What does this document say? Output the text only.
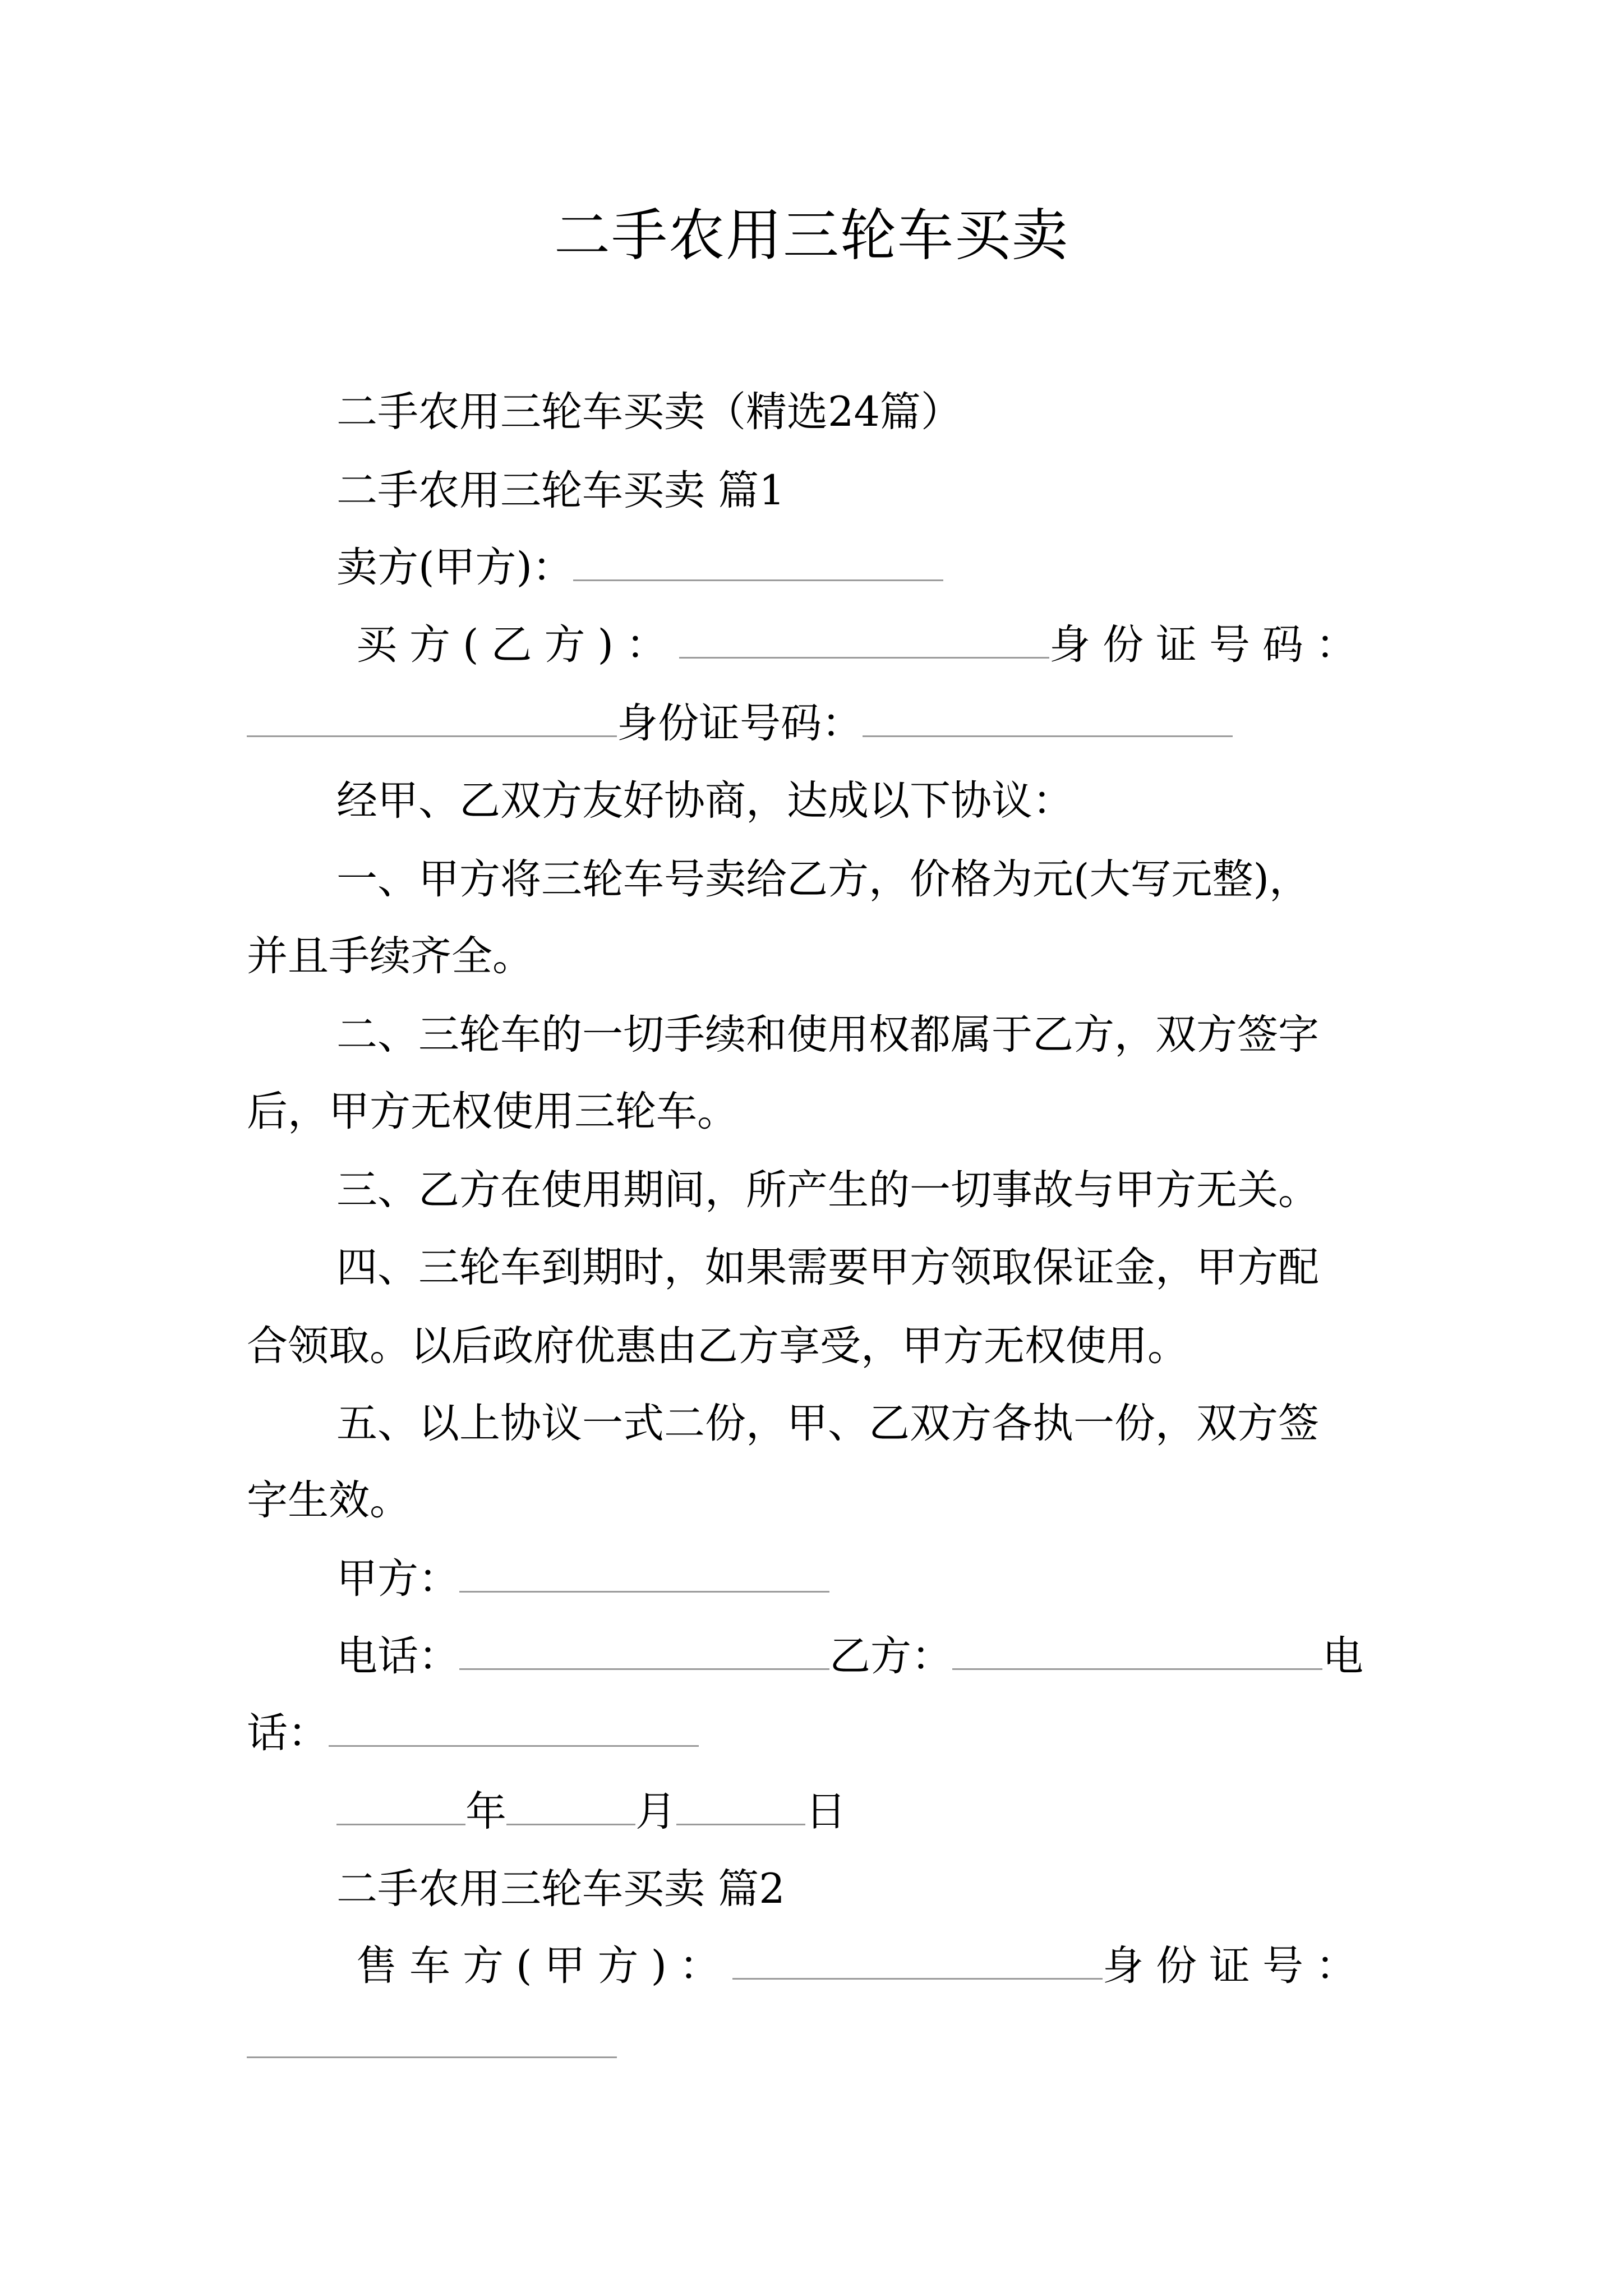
二手农用三轮车买卖
二手农用三轮车买卖（精选24篇）
二手农用三轮车买卖 篇1
卖方(甲方)：
买方(乙方)：	身份证号码：
身份证号码：
经甲、乙双方友好协商，达成以下协议：
一、甲方将三轮车号卖给乙方，价格为元(大写元整)，
并且手续齐全。
二、三轮车的一切手续和使用权都属于乙方，双方签字
后，甲方无权使用三轮车。
三、乙方在使用期间，所产生的一切事故与甲方无关。
四、三轮车到期时，如果需要甲方领取保证金，甲方配
合领取。以后政府优惠由乙方享受，甲方无权使用。
五、以上协议一式二份，甲、乙双方各执一份，双方签
字生效。
甲方：
电话：	乙方：	电
话：
年	月	日
二手农用三轮车买卖 篇2
售车方(甲方)：	身份证号：
